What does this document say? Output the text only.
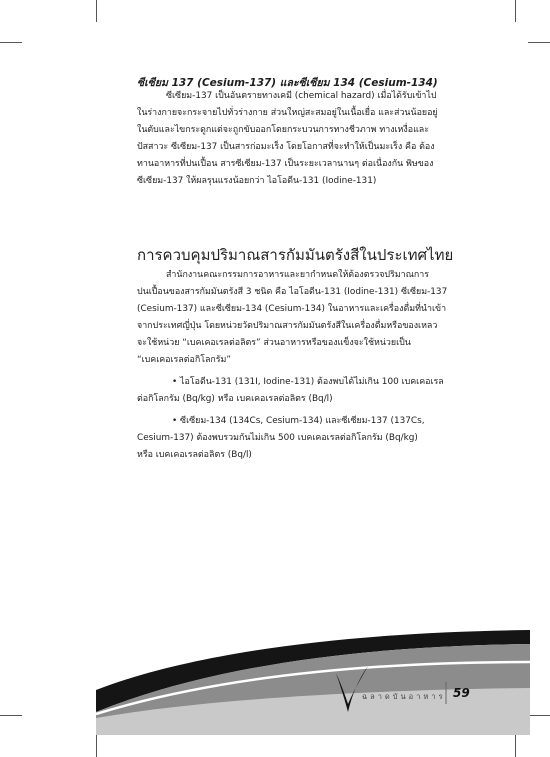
ซีเซียม 137 (Cesium-137) และซีเซียม 134 (Cesium-134)
ซีเซียม-137 เป็นอันตรายทางเคมี (chemical hazard) เมื่อได้รับเข้าไป
ในร่างกายจะกระจายไปทั่วร่างกาย ส่วนใหญ่สะสมอยู่ในเนื้อเยื่อ และส่วนน้อยอยู่
ในตับและไขกระดูกแต่จะถูกขับออกโดยกระบวนการทางชีวภาพ ทางเหงื่อและ
ปัสสาวะ ซีเซียม-137 เป็นสารก่อมะเร็ง โดยโอกาสที่จะทำให้เป็นมะเร็ง คือ ต้อง
ทานอาหารที่ปนเปื้อน สารซีเซียม-137 เป็นระยะเวลานานๆ ต่อเนื่องกัน พิษของ
ซีเซียม-137 ให้ผลรุนแรงน้อยกว่า ไอโอดีน-131 (Iodine-131)
การควบคุมปริมาณสารกัมมันตรังสีในประเทศไทย
สำนักงานคณะกรรมการอาหารและยากำหนดให้ต้องตรวจปริมาณการ
ปนเปื้อนของสารกัมมันตรังสี 3 ชนิด คือ ไอโอดีน-131 (Iodine-131) ซีเซียม-137
(Cesium-137) และซีเซียม-134 (Cesium-134) ในอาหารและเครื่องดื่มที่นำเข้า
จากประเทศญี่ปุ่น โดยหน่วยวัดปริมาณสารกัมมันตรังสีในเครื่องดื่มหรือของเหลว
จะใช้หน่วย “เบคเคอเรลต่อลิตร” ส่วนอาหารหรือของแข็งจะใช้หน่วยเป็น
“เบคเคอเรลต่อกิโลกรัม”
• ไอโอดีน-131 (131I, Iodine-131) ต้องพบได้ไม่เกิน 100 เบคเคอเรล
ต่อกิโลกรัม (Bq/kg) หรือ เบคเคอเรลต่อลิตร (Bq/l)
• ซีเซียม-134 (134Cs, Cesium-134) และซีเซียม-137 (137Cs,
Cesium-137) ต้องพบรวมกันไม่เกิน 500 เบคเคอเรลต่อกิโลกรัม (Bq/kg)
หรือ เบคเคอเรลต่อลิตร (Bq/l)
ฉลาดบันอาหาร 59
